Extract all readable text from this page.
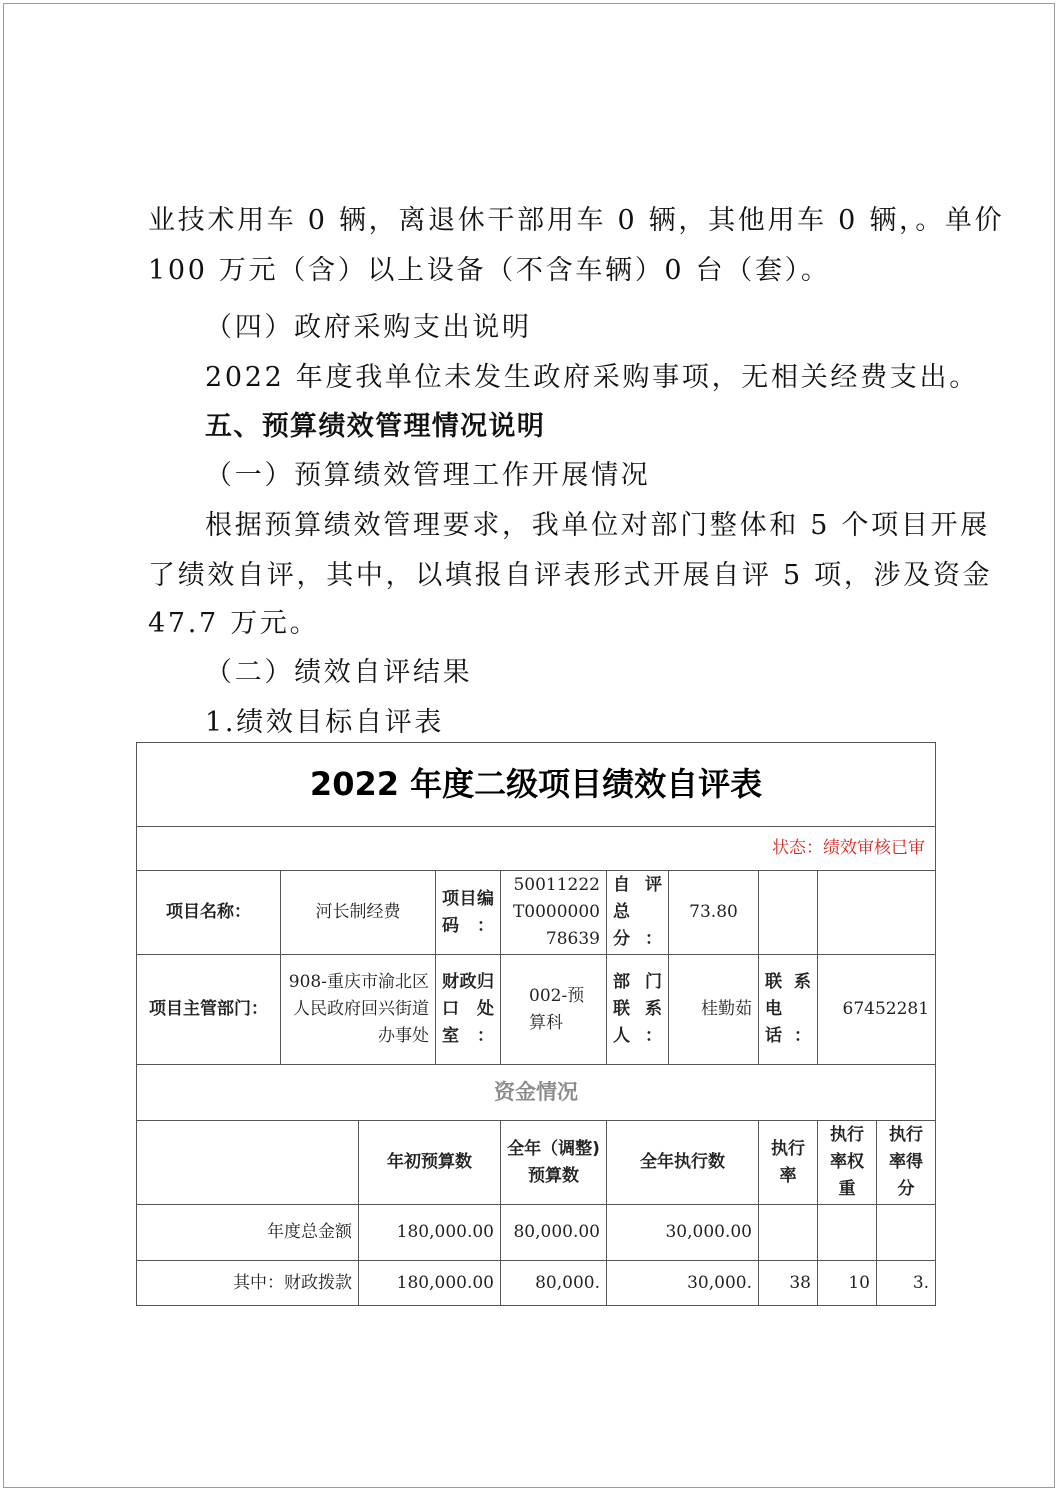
业技术用车 0 辆，离退休干部用车 0 辆，其他用车 0 辆，。单价
100 万元（含）以上设备（不含车辆）0 台（套）。
（四）政府采购支出说明
2022 年度我单位未发生政府采购事项，无相关经费支出。
五、预算绩效管理情况说明
（一）预算绩效管理工作开展情况
根据预算绩效管理要求，我单位对部门整体和 5 个项目开展
了绩效自评，其中，以填报自评表形式开展自评 5 项，涉及资金
47.7 万元。
（二）绩效自评结果
1.绩效目标自评表
2022 年度二级项目绩效自评表									
状态：绩效审核已审									
项目名称：	河长制经费		项目编码：	50011222T000000078639	自评总分：	73.80			
项目主管部门：	908-重庆市渝北区人民政府回兴街道办事处		财政归口处室：	002-预算科	部门联系人：	桂勤茹	联系电话：	67452281	
资金情况									
		年初预算数		全年（调整)预算数	全年执行数		执行率	执行率权重	执行率得分
年度总金额		180,000.00		80,000.00	30,000.00				
其中：财政拨款		180,000.00		80,000.	30,000.		38	10	3.
